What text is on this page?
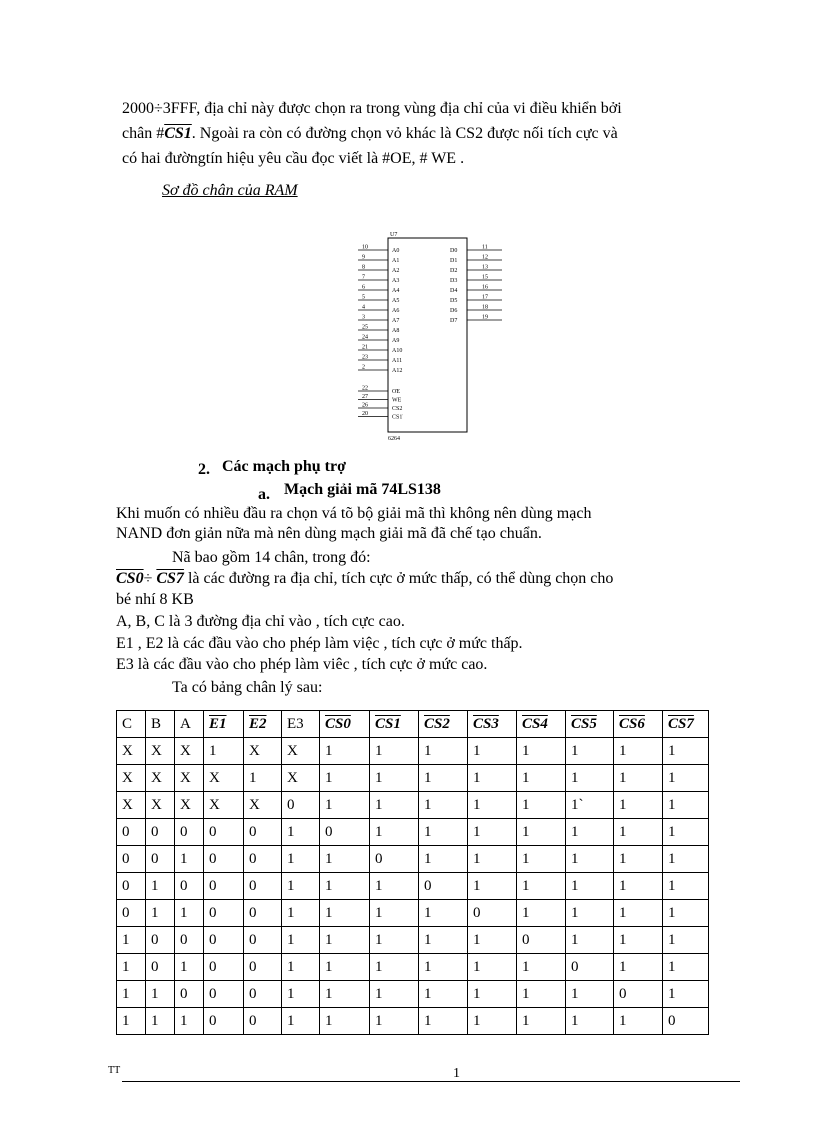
2000÷3FFF, địa chỉ này được chọn ra trong vùng địa chỉ của vi điều khiển bởi

chân #CS1. Ngoài ra còn có đường chọn vỏ khác là CS2 được nối tích cực và

có hai đườngtín hiệu yêu cầu đọc viết là #OE, # WE .

Sơ đồ chân của RAM
U7
6264
10
A0
9
A1
8
A2
7
A3
6
A4
5
A5
4
A6
3
A7
25
A8
24
A9
21
A10
23
A11
2
A12
22
OE
27
WE
26
CS2
20
CS1
11
D0
12
D1
13
D2
15
D3
16
D4
17
D5
18
D6
19
D7
2. Các mạch phụ trợ
a. Mạch giải mã 74LS138
Khi muốn có nhiều đầu ra chọn vá tõ bộ giải mã thì không nên dùng mạch
NAND đơn giản nữa mà nên dùng mạch giải mã đã chế tạo chuẩn.
Nã bao gồm 14 chân, trong đó:
CS0÷ CS7 là các đường ra địa chỉ, tích cực ở mức thấp, có thể dùng chọn cho
bé nhí 8 KB
A, B, C là 3 đường địa chỉ vào , tích cực cao.
E1 , E2 là các đầu vào cho phép làm việc , tích cực ở mức thấp.
E3 là các đầu vào cho phép làm viêc , tích cực ở mức cao.
Ta có bảng chân lý sau:
C	B	A	E1	E2	E3	CS0	CS1	CS2	CS3	CS4	CS5	CS6	CS7
X	X	X	1	X	X	1	1	1	1	1	1	1	1
X	X	X	X	1	X	1	1	1	1	1	1	1	1
X	X	X	X	X	0	1	1	1	1	1	1`	1	1
0	0	0	0	0	1	0	1	1	1	1	1	1	1
0	0	1	0	0	1	1	0	1	1	1	1	1	1
0	1	0	0	0	1	1	1	0	1	1	1	1	1
0	1	1	0	0	1	1	1	1	0	1	1	1	1
1	0	0	0	0	1	1	1	1	1	0	1	1	1
1	0	1	0	0	1	1	1	1	1	1	0	1	1
1	1	0	0	0	1	1	1	1	1	1	1	0	1
1	1	1	0	0	1	1	1	1	1	1	1	1	0
TT	1
